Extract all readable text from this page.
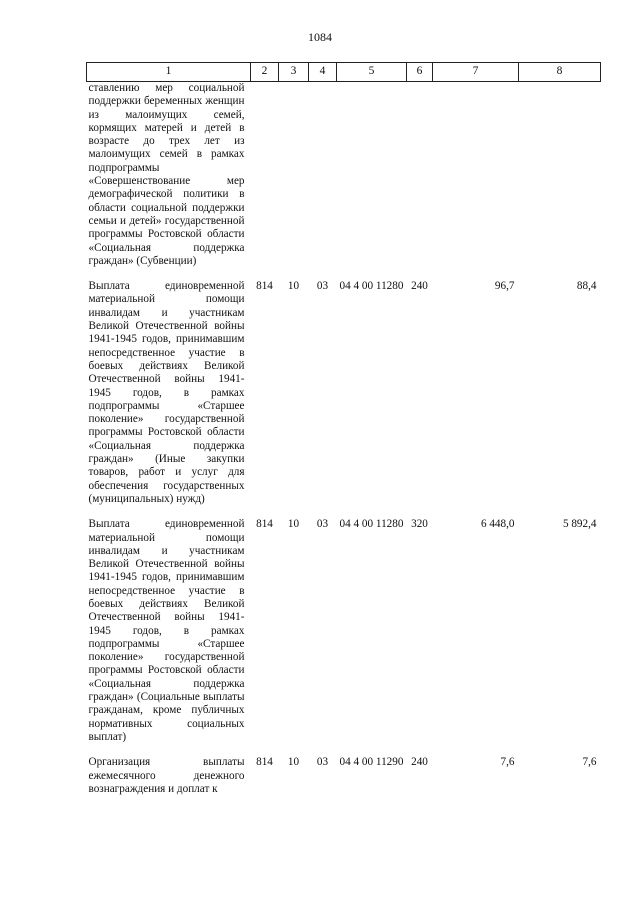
1084
1	2	3	4	5	6	7	8
ставлению мер социальной поддержки беременных женщин из малоимущих семей, кормящих матерей и детей в возрасте до трех лет из малоимущих семей в рамках подпрограммы «Совершенствование мер демографической политики в области социальной поддержки семьи и детей» государственной программы Ростовской области «Социальная поддержка граждан» (Субвенции)							
Выплата единовременной материальной помощи инвалидам и участникам Великой Отечественной войны 1941-1945 годов, принимавшим непосредственное участие в боевых действиях Великой Отечественной войны 1941-1945 годов, в рамках подпрограммы «Старшее поколение» государственной программы Ростовской области «Социальная поддержка граждан» (Иные закупки товаров, работ и услуг для обеспечения государственных (муниципальных) нужд)	814	10	03	04 4 00 11280	240	96,7	88,4
Выплата единовременной материальной помощи инвалидам и участникам Великой Отечественной войны 1941-1945 годов, принимавшим непосредственное участие в боевых действиях Великой Отечественной войны 1941-1945 годов, в рамках подпрограммы «Старшее поколение» государственной программы Ростовской области «Социальная поддержка граждан» (Социальные выплаты гражданам, кроме публичных нормативных социальных выплат)	814	10	03	04 4 00 11280	320	6 448,0	5 892,4
Организация выплаты ежемесячного денежного вознаграждения и доплат к	814	10	03	04 4 00 11290	240	7,6	7,6
